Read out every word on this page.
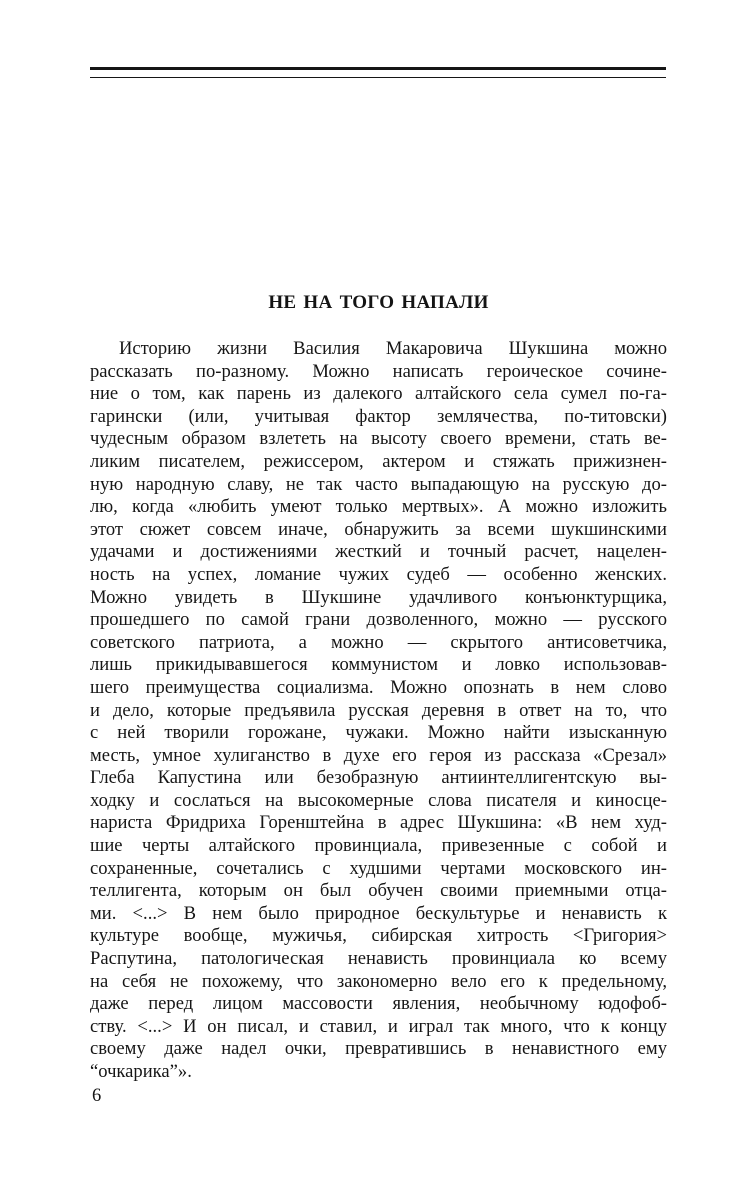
НЕ НА ТОГО НАПАЛИ
Историю жизни Василия Макаровича Шукшина можно
рассказать по-разному. Можно написать героическое сочине-
ние о том, как парень из далекого алтайского села сумел по-га-
гарински (или, учитывая фактор землячества, по-титовски)
чудесным образом взлететь на высоту своего времени, стать ве-
ликим писателем, режиссером, актером и стяжать прижизнен-
ную народную славу, не так часто выпадающую на русскую до-
лю, когда «любить умеют только мертвых». А можно изложить
этот сюжет совсем иначе, обнаружить за всеми шукшинскими
удачами и достижениями жесткий и точный расчет, нацелен-
ность на успех, ломание чужих судеб — особенно женских.
Можно увидеть в Шукшине удачливого конъюнктурщика,
прошедшего по самой грани дозволенного, можно — русского
советского патриота, а можно — скрытого антисоветчика,
лишь прикидывавшегося коммунистом и ловко использовав-
шего преимущества социализма. Можно опознать в нем слово
и дело, которые предъявила русская деревня в ответ на то, что
с ней творили горожане, чужаки. Можно найти изысканную
месть, умное хулиганство в духе его героя из рассказа «Срезал»
Глеба Капустина или безобразную антиинтеллигентскую вы-
ходку и сослаться на высокомерные слова писателя и киносце-
нариста Фридриха Горенштейна в адрес Шукшина: «В нем худ-
шие черты алтайского провинциала, привезенные с собой и
сохраненные, сочетались с худшими чертами московского ин-
теллигента, которым он был обучен своими приемными отца-
ми. <...> В нем было природное бескультурье и ненависть к
культуре вообще, мужичья, сибирская хитрость <Григория>
Распутина, патологическая ненависть провинциала ко всему
на себя не похожему, что закономерно вело его к предельному,
даже перед лицом массовости явления, необычному юдофоб-
ству. <...> И он писал, и ставил, и играл так много, что к концу
своему даже надел очки, превратившись в ненавистного ему
“очкарика”».
6
